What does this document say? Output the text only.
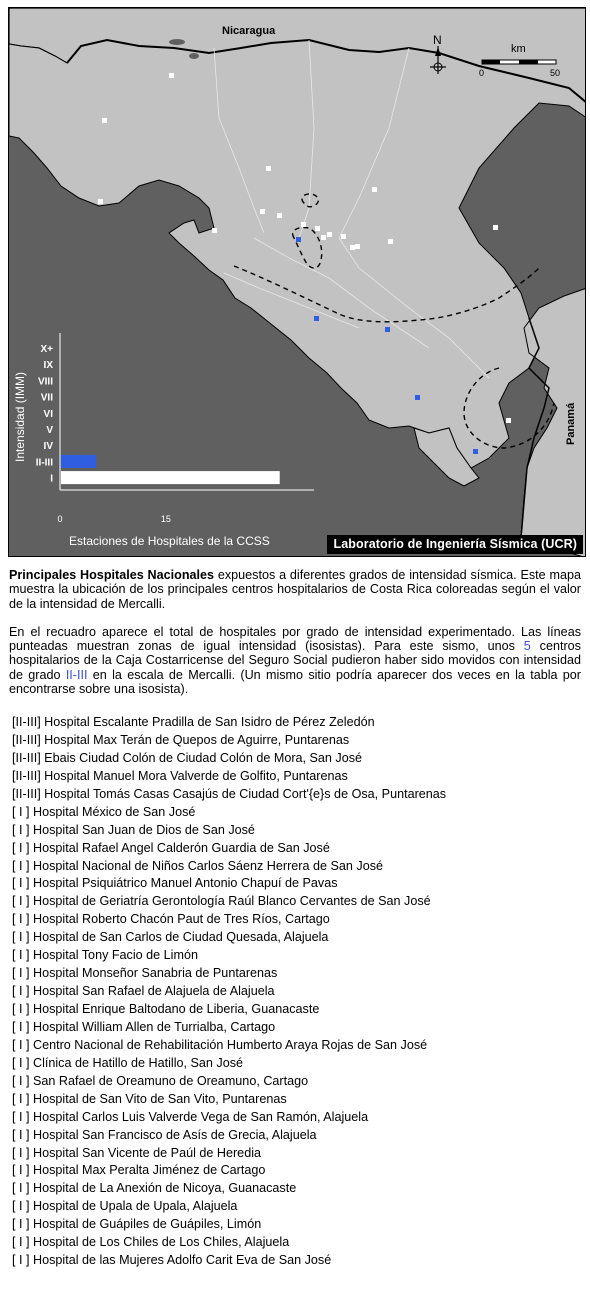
Nicaragua
Panamá
N
km
0	50
Intensidad (IMM)
Estaciones de Hospitales de la CCSS
X+
IX
VIII
VII
VI
V
IV
II-III
I
0	15
Laboratorio de Ingeniería Sísmica (UCR)

Principales Hospitales Nacionales expuestos a diferentes grados de intensidad sísmica. Este mapa muestra la ubicación de los principales centros hospitalarios de Costa Rica coloreadas según el valor de la intensidad de Mercalli.

En el recuadro aparece el total de hospitales por grado de intensidad experimentado. Las líneas punteadas muestran zonas de igual intensidad (isosistas). Para este sismo, unos 5 centros hospitalarios de la Caja Costarricense del Seguro Social pudieron haber sido movidos con intensidad de grado II-III en la escala de Mercalli. (Un mismo sitio podría aparecer dos veces en la tabla por encontrarse sobre una isosista).

[II-III] Hospital Escalante Pradilla de San Isidro de Pérez Zeledón
[II-III] Hospital Max Terán de Quepos de Aguirre, Puntarenas
[II-III] Ebais Ciudad Colón de Ciudad Colón de Mora, San José
[II-III] Hospital Manuel Mora Valverde de Golfito, Puntarenas
[II-III] Hospital Tomás Casas Casajús de Ciudad Cort'{e}s de Osa, Puntarenas
[ I ] Hospital México de San José
[ I ] Hospital San Juan de Dios de San José
[ I ] Hospital Rafael Angel Calderón Guardia de San José
[ I ] Hospital Nacional de Niños Carlos Sáenz Herrera de San José
[ I ] Hospital Psiquiátrico Manuel Antonio Chapuí de Pavas
[ I ] Hospital de Geriatría Gerontología Raúl Blanco Cervantes de San José
[ I ] Hospital Roberto Chacón Paut de Tres Ríos, Cartago
[ I ] Hospital de San Carlos de Ciudad Quesada, Alajuela
[ I ] Hospital Tony Facio de Limón
[ I ] Hospital Monseñor Sanabria de Puntarenas
[ I ] Hospital San Rafael de Alajuela de Alajuela
[ I ] Hospital Enrique Baltodano de Liberia, Guanacaste
[ I ] Hospital William Allen de Turrialba, Cartago
[ I ] Centro Nacional de Rehabilitación Humberto Araya Rojas de San José
[ I ] Clínica de Hatillo de Hatillo, San José
[ I ] San Rafael de Oreamuno de Oreamuno, Cartago
[ I ] Hospital de San Vito de San Vito, Puntarenas
[ I ] Hospital Carlos Luis Valverde Vega de San Ramón, Alajuela
[ I ] Hospital San Francisco de Asís de Grecia, Alajuela
[ I ] Hospital San Vicente de Paúl de Heredia
[ I ] Hospital Max Peralta Jiménez de Cartago
[ I ] Hospital de La Anexión de Nicoya, Guanacaste
[ I ] Hospital de Upala de Upala, Alajuela
[ I ] Hospital de Guápiles de Guápiles, Limón
[ I ] Hospital de Los Chiles de Los Chiles, Alajuela
[ I ] Hospital de las Mujeres Adolfo Carit Eva de San José
